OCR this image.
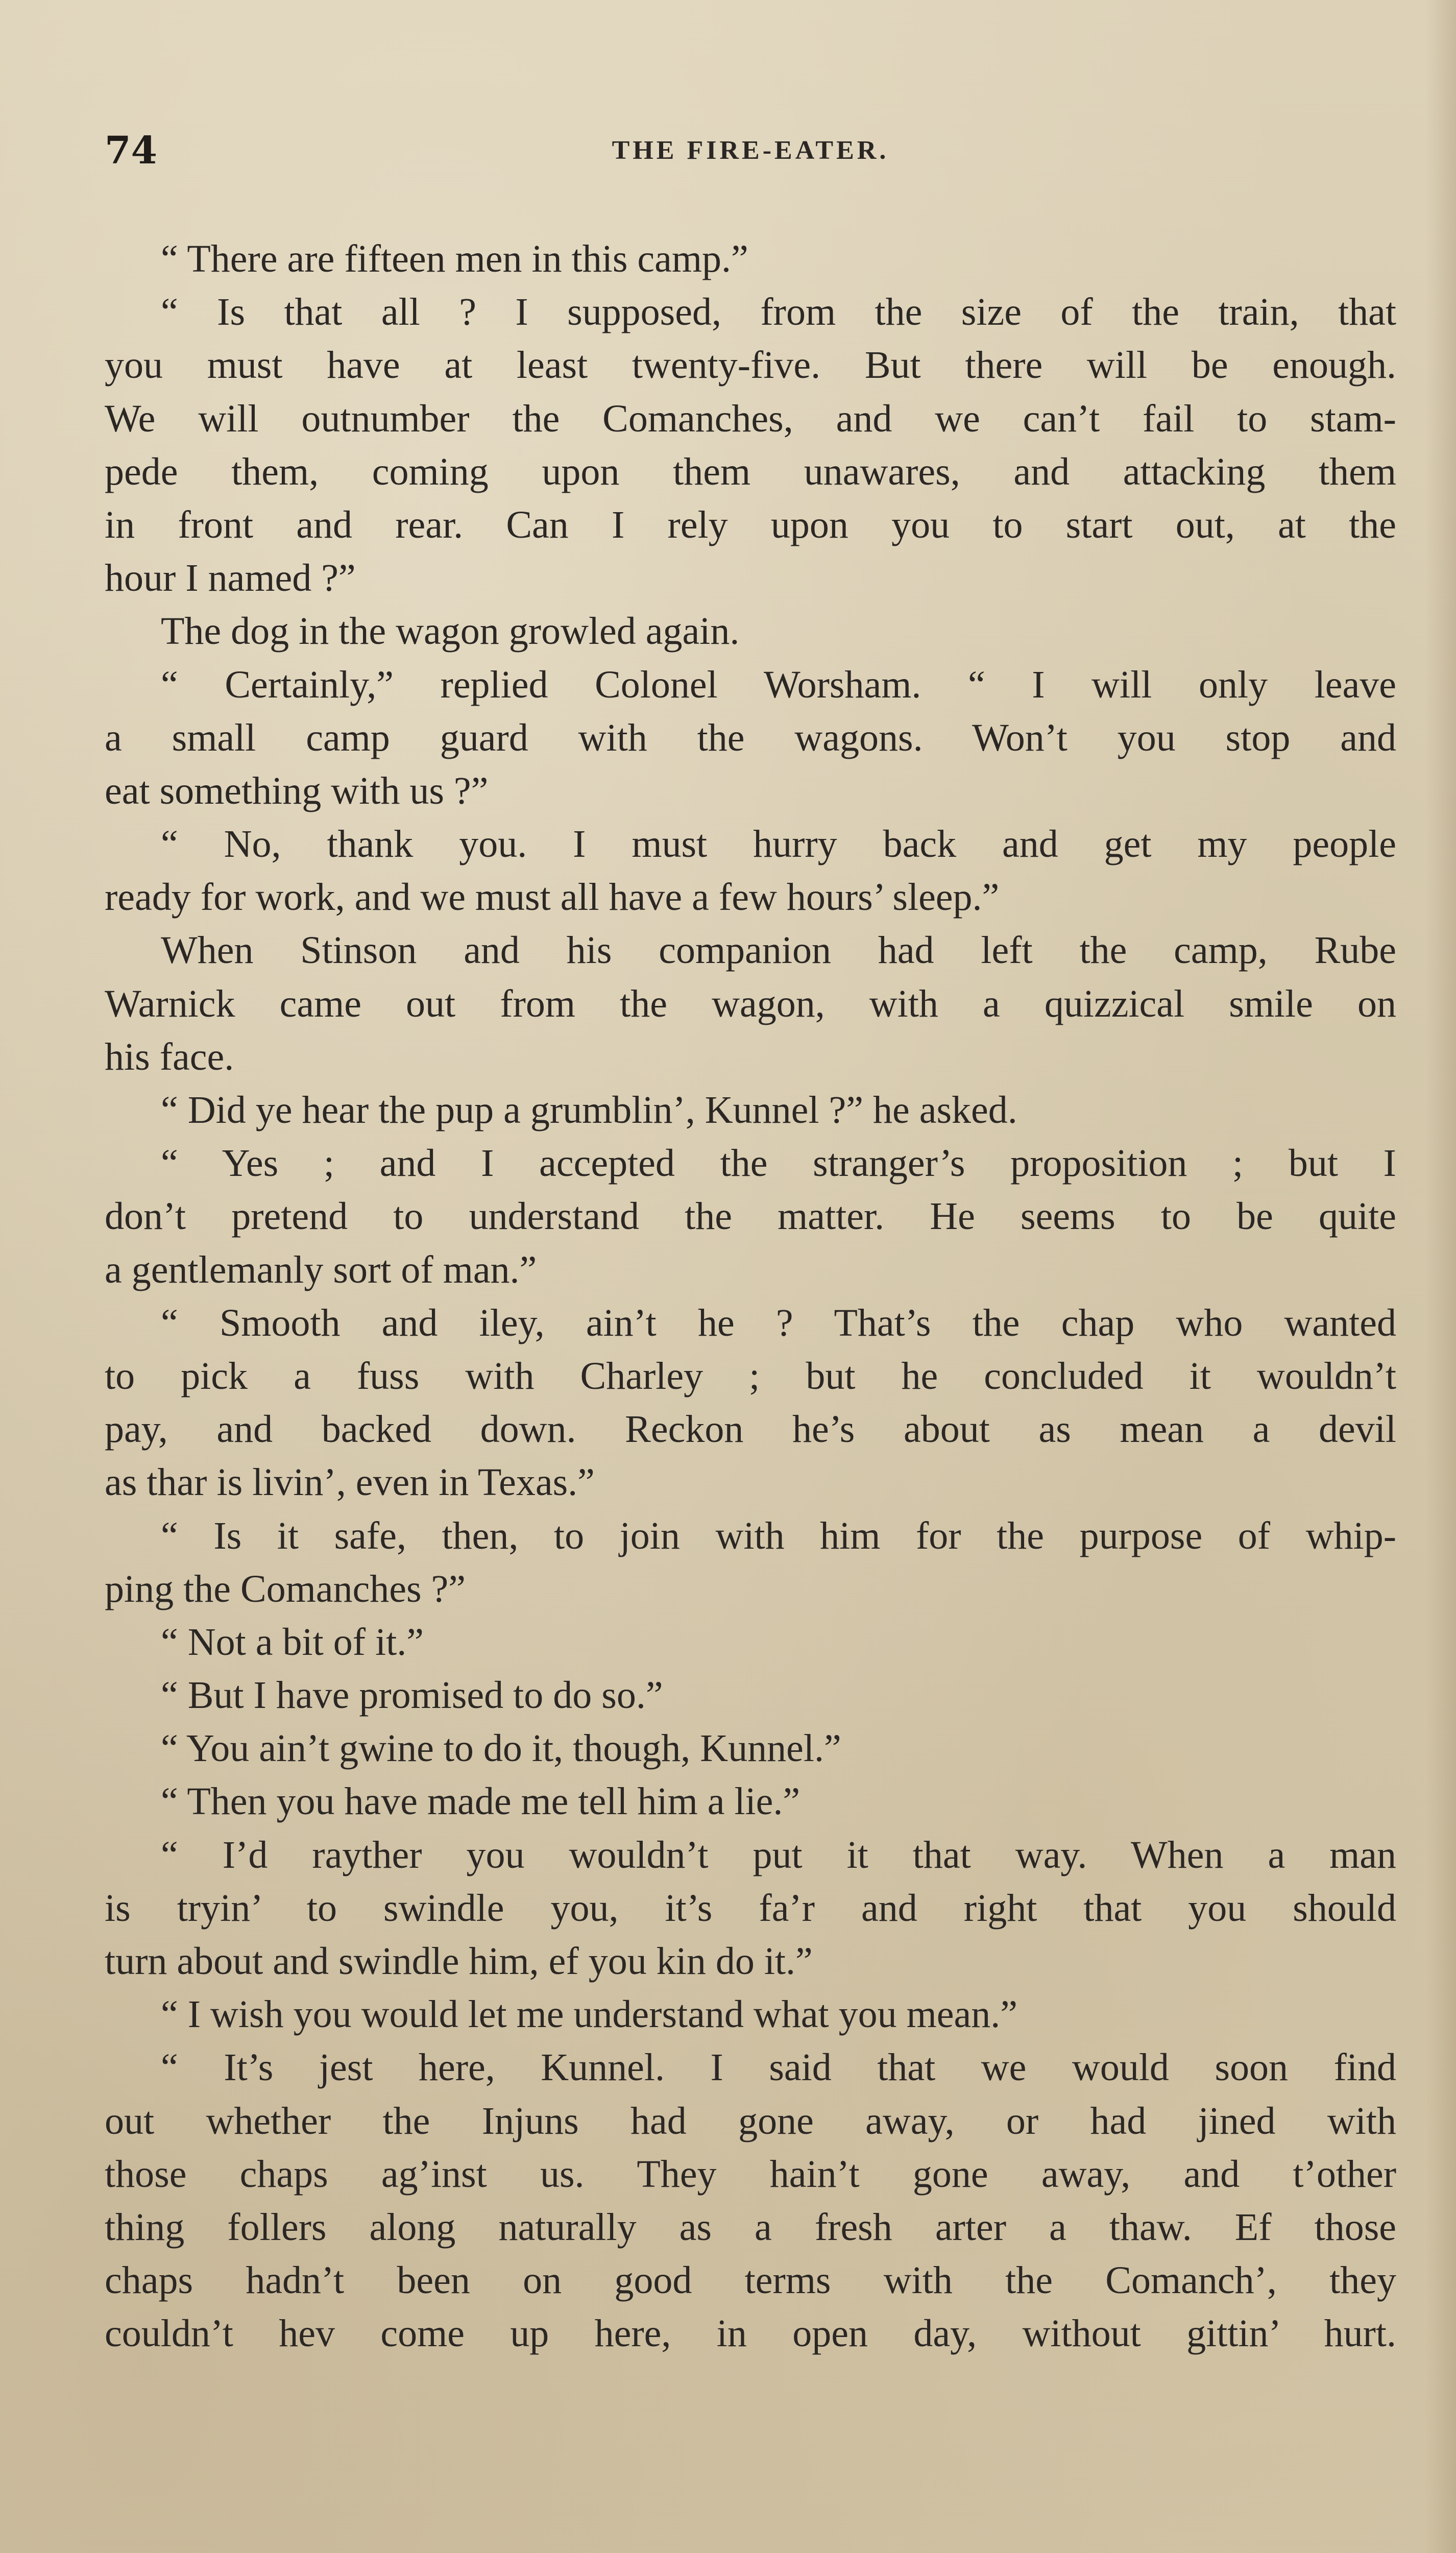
74	THE FIRE-EATER.
“ There are fifteen men in this camp.”
“ Is that all ? I supposed, from the size of the train, that
you must have at least twenty-five. But there will be enough.
We will outnumber the Comanches, and we can’t fail to stam-
pede them, coming upon them unawares, and attacking them
in front and rear. Can I rely upon you to start out, at the
hour I named ?”
The dog in the wagon growled again.
“ Certainly,” replied Colonel Worsham. “ I will only leave
a small camp guard with the wagons. Won’t you stop and
eat something with us ?”
“ No, thank you. I must hurry back and get my people
ready for work, and we must all have a few hours’ sleep.”
When Stinson and his companion had left the camp, Rube
Warnick came out from the wagon, with a quizzical smile on
his face.
“ Did ye hear the pup a grumblin’, Kunnel ?” he asked.
“ Yes ; and I accepted the stranger’s proposition ; but I
don’t pretend to understand the matter. He seems to be quite
a gentlemanly sort of man.”
“ Smooth and iley, ain’t he ? That’s the chap who wanted
to pick a fuss with Charley ; but he concluded it wouldn’t
pay, and backed down. Reckon he’s about as mean a devil
as thar is livin’, even in Texas.”
“ Is it safe, then, to join with him for the purpose of whip-
ping the Comanches ?”
“ Not a bit of it.”
“ But I have promised to do so.”
“ You ain’t gwine to do it, though, Kunnel.”
“ Then you have made me tell him a lie.”
“ I’d rayther you wouldn’t put it that way. When a man
is tryin’ to swindle you, it’s fa’r and right that you should
turn about and swindle him, ef you kin do it.”
“ I wish you would let me understand what you mean.”
“ It’s jest here, Kunnel. I said that we would soon find
out whether the Injuns had gone away, or had jined with
those chaps ag’inst us. They hain’t gone away, and t’other
thing follers along naturally as a fresh arter a thaw. Ef those
chaps hadn’t been on good terms with the Comanch’, they
couldn’t hev come up here, in open day, without gittin’ hurt.
